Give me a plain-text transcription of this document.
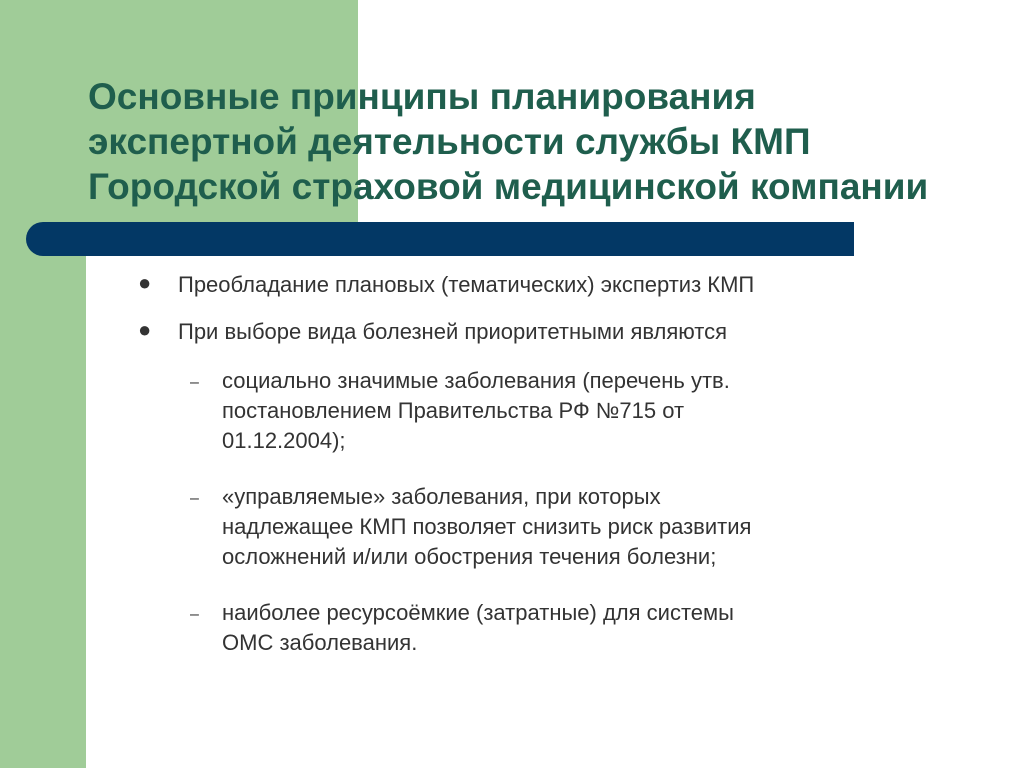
Основные принципы планирования
экспертной деятельности службы КМП
Городской страховой медицинской компании
● Преобладание плановых (тематических) экспертиз КМП
● При выборе вида болезней приоритетными являются
– социально значимые заболевания (перечень утв.
постановлением Правительства РФ №715 от
01.12.2004);
– «управляемые» заболевания, при которых
надлежащее КМП позволяет снизить риск развития
осложнений и/или обострения течения болезни;
– наиболее ресурсоёмкие (затратные) для системы
ОМС заболевания.
